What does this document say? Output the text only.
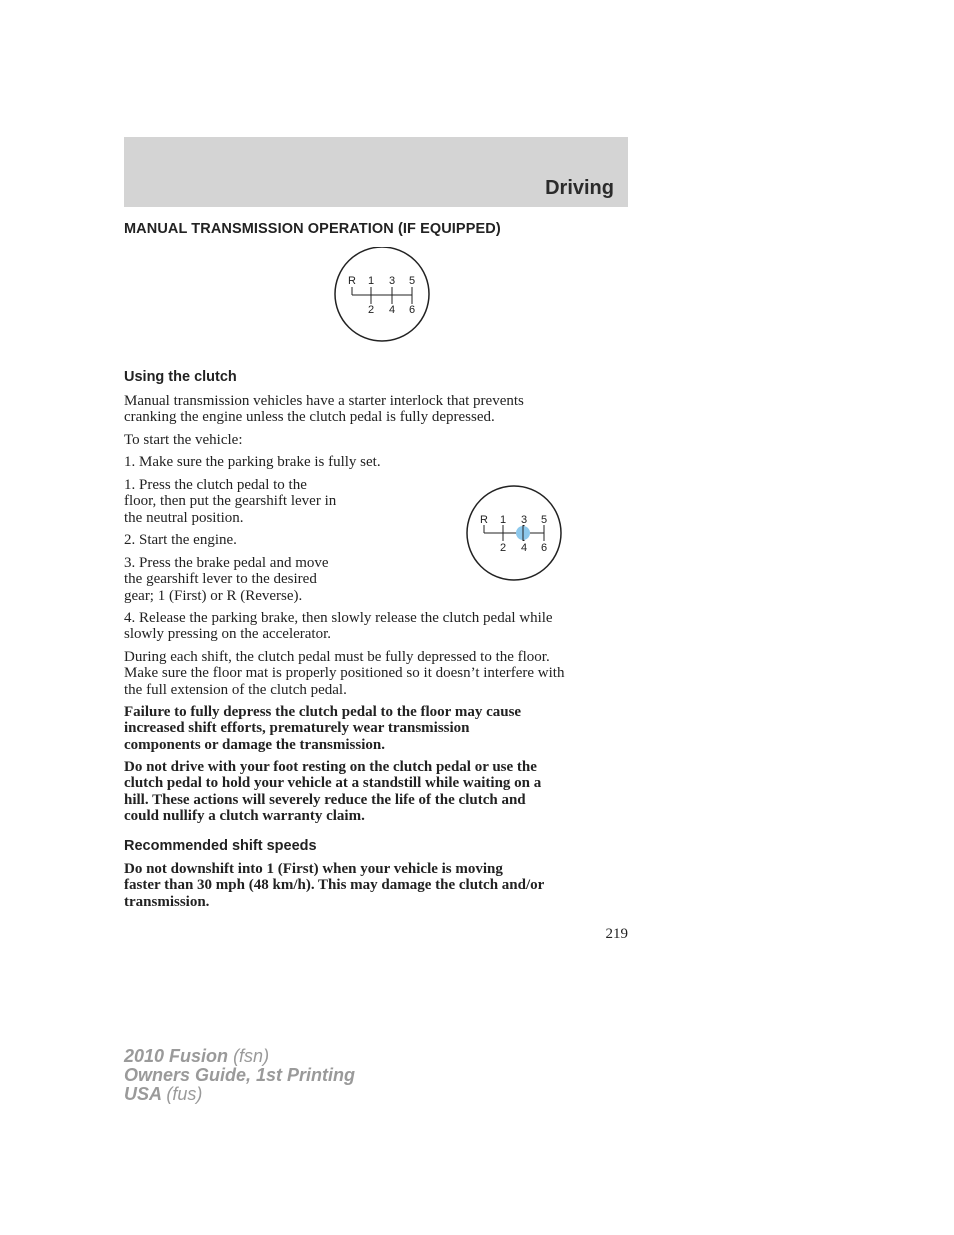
Driving
MANUAL TRANSMISSION OPERATION (IF EQUIPPED)
R 1 3 5
2 4 6
Using the clutch
Manual transmission vehicles have a starter interlock that prevents
cranking the engine unless the clutch pedal is fully depressed.
To start the vehicle:
1. Make sure the parking brake is fully set.
1. Press the clutch pedal to the
floor, then put the gearshift lever in
the neutral position.
2. Start the engine.
3. Press the brake pedal and move
the gearshift lever to the desired
gear; 1 (First) or R (Reverse).
R 1 3 5
2 4 6
4. Release the parking brake, then slowly release the clutch pedal while
slowly pressing on the accelerator.
During each shift, the clutch pedal must be fully depressed to the floor.
Make sure the floor mat is properly positioned so it doesn’t interfere with
the full extension of the clutch pedal.
Failure to fully depress the clutch pedal to the floor may cause
increased shift efforts, prematurely wear transmission
components or damage the transmission.
Do not drive with your foot resting on the clutch pedal or use the
clutch pedal to hold your vehicle at a standstill while waiting on a
hill. These actions will severely reduce the life of the clutch and
could nullify a clutch warranty claim.
Recommended shift speeds
Do not downshift into 1 (First) when your vehicle is moving
faster than 30 mph (48 km/h). This may damage the clutch and/or
transmission.
219
2010 Fusion (fsn)
Owners Guide, 1st Printing
USA (fus)
